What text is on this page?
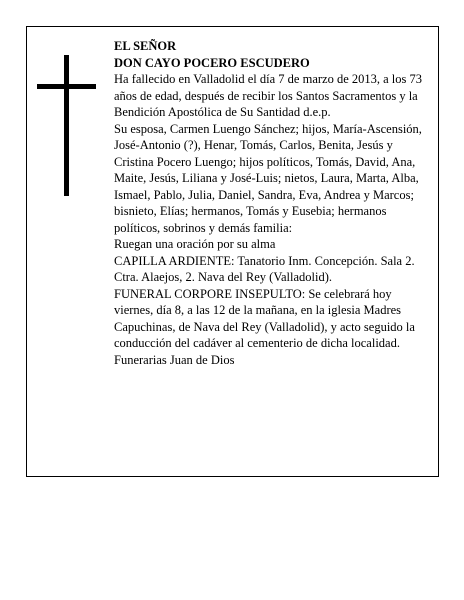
EL SEÑOR

DON CAYO POCERO ESCUDERO

Ha fallecido en Valladolid el día 7 de marzo de 2013, a los 73 años de edad, después de recibir los Santos Sacramentos y la Bendición Apostólica de Su Santidad d.e.p.

Su esposa, Carmen Luengo Sánchez; hijos, María-Ascensión, José-Antonio (?), Henar, Tomás, Carlos, Benita, Jesús y Cristina Pocero Luengo; hijos políticos, Tomás, David, Ana, Maite, Jesús, Liliana y José-Luis; nietos, Laura, Marta, Alba, Ismael, Pablo, Julia, Daniel, Sandra, Eva, Andrea y Marcos; bisnieto, Elías; hermanos, Tomás y Eusebia; hermanos políticos, sobrinos y demás familia:

Ruegan una oración por su alma

CAPILLA ARDIENTE: Tanatorio Inm. Concepción. Sala 2. Ctra. Alaejos, 2. Nava del Rey (Valladolid).

FUNERAL CORPORE INSEPULTO: Se celebrará hoy viernes, día 8, a las 12 de la mañana, en la iglesia Madres Capuchinas, de Nava del Rey (Valladolid), y acto seguido la conducción del cadáver al cementerio de dicha localidad.

Funerarias Juan de Dios
